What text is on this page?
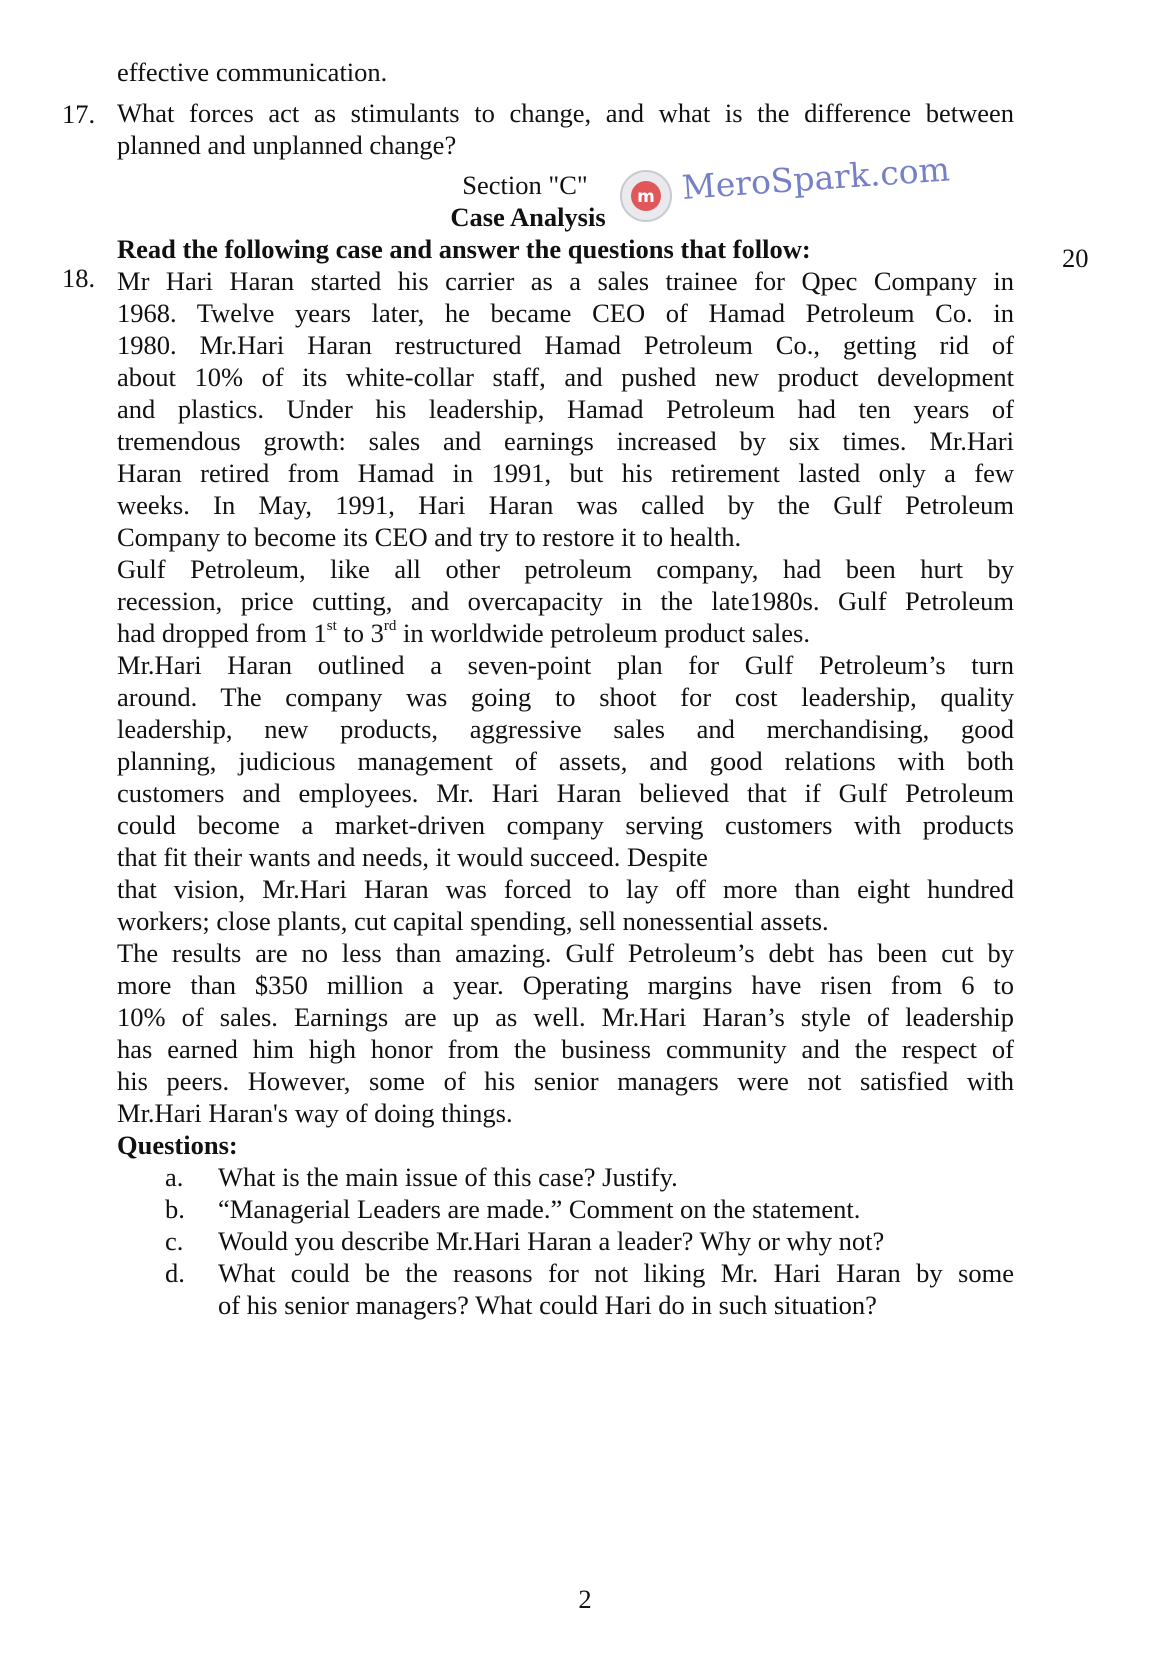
effective communication.
17. What forces act as stimulants to change, and what is the difference between
planned and unplanned change?
Section "C"
Case Analysis
m MeroSpark.com
Read the following case and answer the questions that follow:	20
18. Mr Hari Haran started his carrier as a sales trainee for Qpec Company in
1968. Twelve years later, he became CEO of Hamad Petroleum Co. in
1980. Mr.Hari Haran restructured Hamad Petroleum Co., getting rid of
about 10% of its white-collar staff, and pushed new product development
and plastics. Under his leadership, Hamad Petroleum had ten years of
tremendous growth: sales and earnings increased by six times. Mr.Hari
Haran retired from Hamad in 1991, but his retirement lasted only a few
weeks. In May, 1991, Hari Haran was called by the Gulf Petroleum
Company to become its CEO and try to restore it to health.
Gulf Petroleum, like all other petroleum company, had been hurt by
recession, price cutting, and overcapacity in the late1980s. Gulf Petroleum
had dropped from 1st to 3rd in worldwide petroleum product sales.
Mr.Hari Haran outlined a seven-point plan for Gulf Petroleum’s turn
around. The company was going to shoot for cost leadership, quality
leadership, new products, aggressive sales and merchandising, good
planning, judicious management of assets, and good relations with both
customers and employees. Mr. Hari Haran believed that if Gulf Petroleum
could become a market-driven company serving customers with products
that fit their wants and needs, it would succeed. Despite
that vision, Mr.Hari Haran was forced to lay off more than eight hundred
workers; close plants, cut capital spending, sell nonessential assets.
The results are no less than amazing. Gulf Petroleum’s debt has been cut by
more than $350 million a year. Operating margins have risen from 6 to
10% of sales. Earnings are up as well. Mr.Hari Haran’s style of leadership
has earned him high honor from the business community and the respect of
his peers. However, some of his senior managers were not satisfied with
Mr.Hari Haran's way of doing things.
Questions:
a. What is the main issue of this case? Justify.
b. “Managerial Leaders are made.” Comment on the statement.
c. Would you describe Mr.Hari Haran a leader? Why or why not?
d. What could be the reasons for not liking Mr. Hari Haran by some
of his senior managers? What could Hari do in such situation?
2
